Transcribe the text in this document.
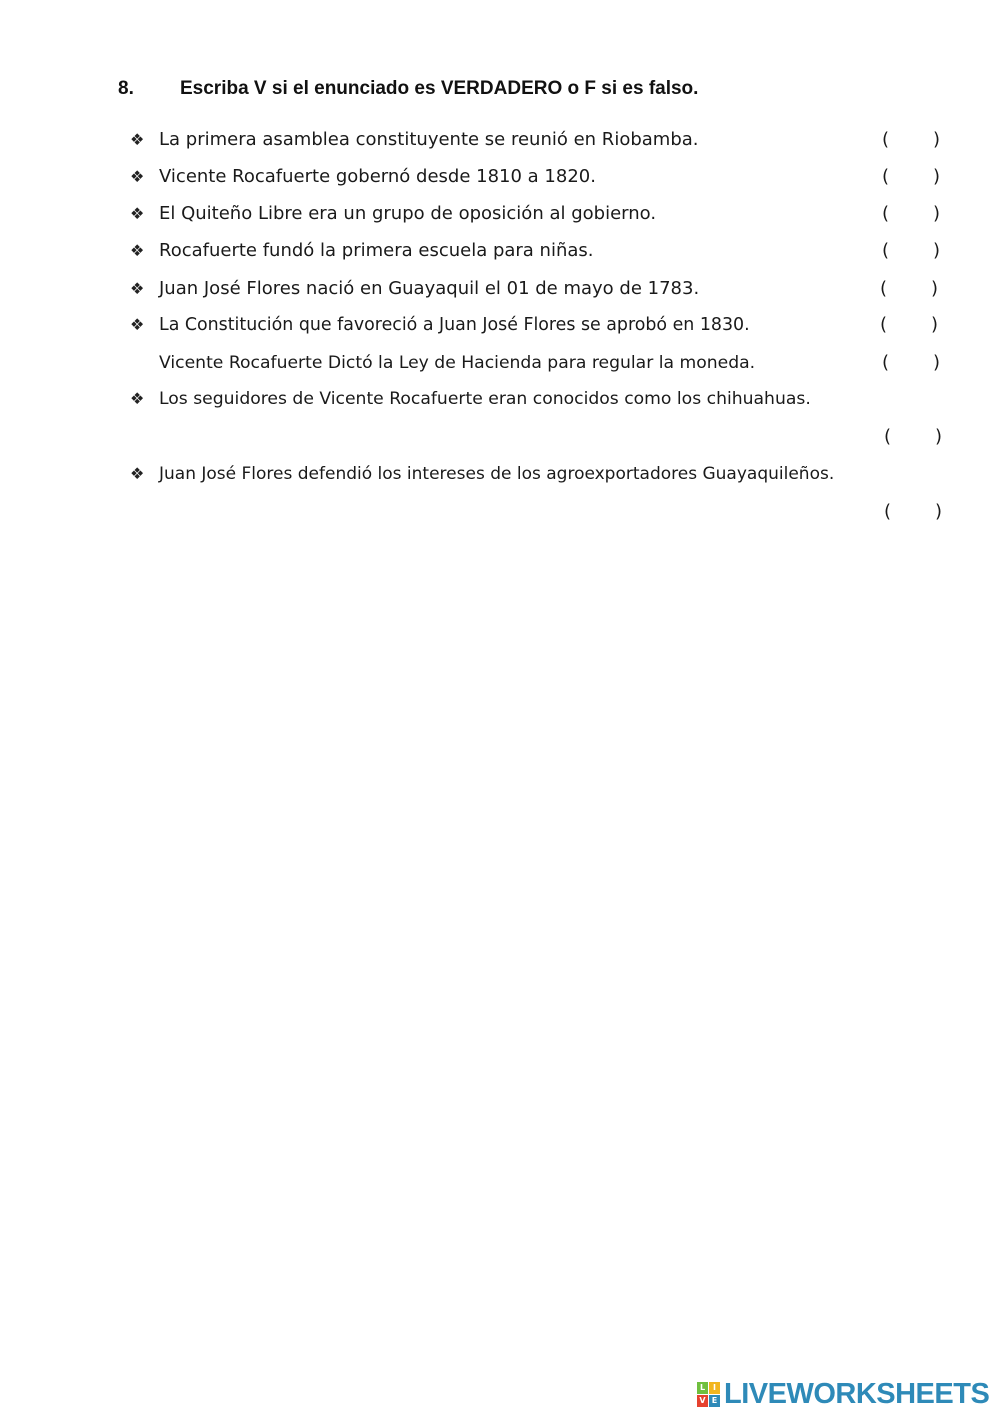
8. Escriba V si el enunciado es VERDADERO o F si es falso.
❖ La primera asamblea constituyente se reunió en Riobamba.	( )
❖ Vicente Rocafuerte gobernó desde 1810 a 1820.	( )
❖ El Quiteño Libre era un grupo de oposición al gobierno.	( )
❖ Rocafuerte fundó la primera escuela para niñas.	( )
❖ Juan José Flores nació en Guayaquil el 01 de mayo de 1783.	( )
❖ La Constitución que favoreció a Juan José Flores se aprobó en 1830.	( )
Vicente Rocafuerte Dictó la Ley de Hacienda para regular la moneda.	( )
❖ Los seguidores de Vicente Rocafuerte eran conocidos como los chihuahuas.
( )
❖ Juan José Flores defendió los intereses de los agroexportadores Guayaquileños.
( )
L I
V E LIVEWORKSHEETS
